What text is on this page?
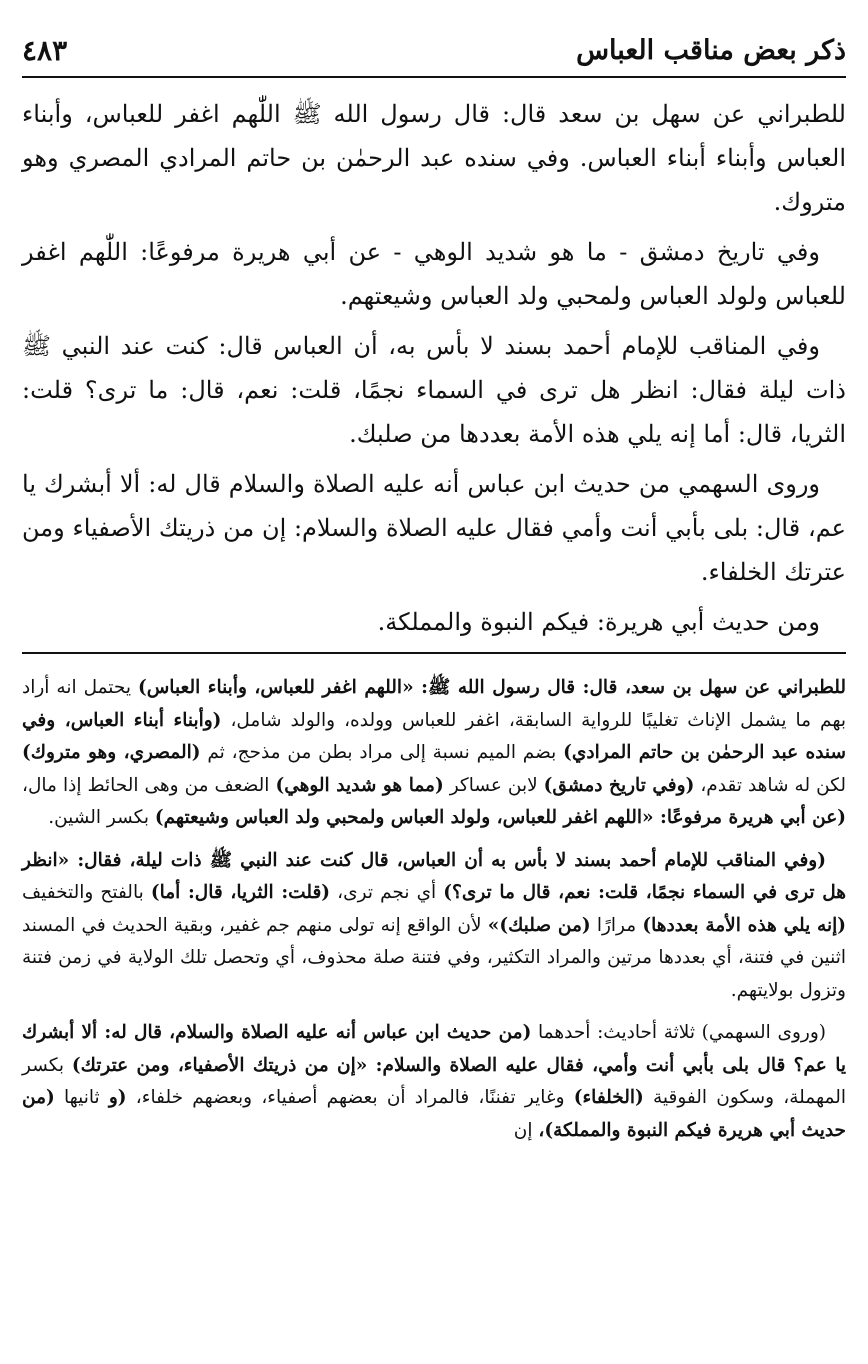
ذكر بعض مناقب العباس
٤٨٣

للطبراني عن سهل بن سعد قال: قال رسول الله ﷺ اللّٰهم اغفر للعباس، وأبناء العباس وأبناء أبناء العباس. وفي سنده عبد الرحمٰن بن حاتم المرادي المصري وهو متروك.

وفي تاريخ دمشق - ما هو شديد الوهي - عن أبي هريرة مرفوعًا: اللّٰهم اغفر للعباس ولولد العباس ولمحبي ولد العباس وشيعتهم.

وفي المناقب للإمام أحمد بسند لا بأس به، أن العباس قال: كنت عند النبي ﷺ ذات ليلة فقال: انظر هل ترى في السماء نجمًا، قلت: نعم، قال: ما ترى؟ قلت: الثريا، قال: أما إنه يلي هذه الأمة بعددها من صلبك.

وروى السهمي من حديث ابن عباس أنه عليه الصلاة والسلام قال له: ألا أبشرك يا عم، قال: بلى بأبي أنت وأمي فقال عليه الصلاة والسلام: إن من ذريتك الأصفياء ومن عترتك الخلفاء.

ومن حديث أبي هريرة: فيكم النبوة والمملكة.

للطبراني عن سهل بن سعد، قال: قال رسول الله ﷺ: «اللهم اغفر للعباس، وأبناء العباس) يحتمل انه أراد بهم ما يشمل الإناث تغليبًا للرواية السابقة، اغفر للعباس وولده، والولد شامل، (وأبناء أبناء العباس، وفي سنده عبد الرحمٰن بن حاتم المرادي) بضم الميم نسبة إلى مراد بطن من مذحج، ثم (المصري، وهو متروك) لكن له شاهد تقدم، (وفي تاريخ دمشق) لابن عساكر (مما هو شديد الوهي) الضعف من وهى الحائط إذا مال، (عن أبي هريرة مرفوعًا: «اللهم اغفر للعباس، ولولد العباس ولمحبي ولد العباس وشيعتهم) بكسر الشين.

(وفي المناقب للإمام أحمد بسند لا بأس به أن العباس، قال كنت عند النبي ﷺ ذات ليلة، فقال: «انظر هل ترى في السماء نجمًا، قلت: نعم، قال ما ترى؟) أي نجم ترى، (قلت: الثريا، قال: أما) بالفتح والتخفيف (إنه يلي هذه الأمة بعددها) مرارًا (من صلبك)» لأن الواقع إنه تولى منهم جم غفير، وبقية الحديث في المسند اثنين في فتنة، أي بعددها مرتين والمراد التكثير، وفي فتنة صلة محذوف، أي وتحصل تلك الولاية في زمن فتنة وتزول بولايتهم.

(وروى السهمي) ثلاثة أحاديث: أحدهما (من حديث ابن عباس أنه عليه الصلاة والسلام، قال له: ألا أبشرك يا عم؟ قال بلى بأبي أنت وأمي، فقال عليه الصلاة والسلام: «إن من ذريتك الأصفياء، ومن عترتك) بكسر المهملة، وسكون الفوقية (الخلفاء) وغاير تفننًا، فالمراد أن بعضهم أصفياء، وبعضهم خلفاء، (و ثانيها (من حديث أبي هريرة فيكم النبوة والمملكة)، إن
